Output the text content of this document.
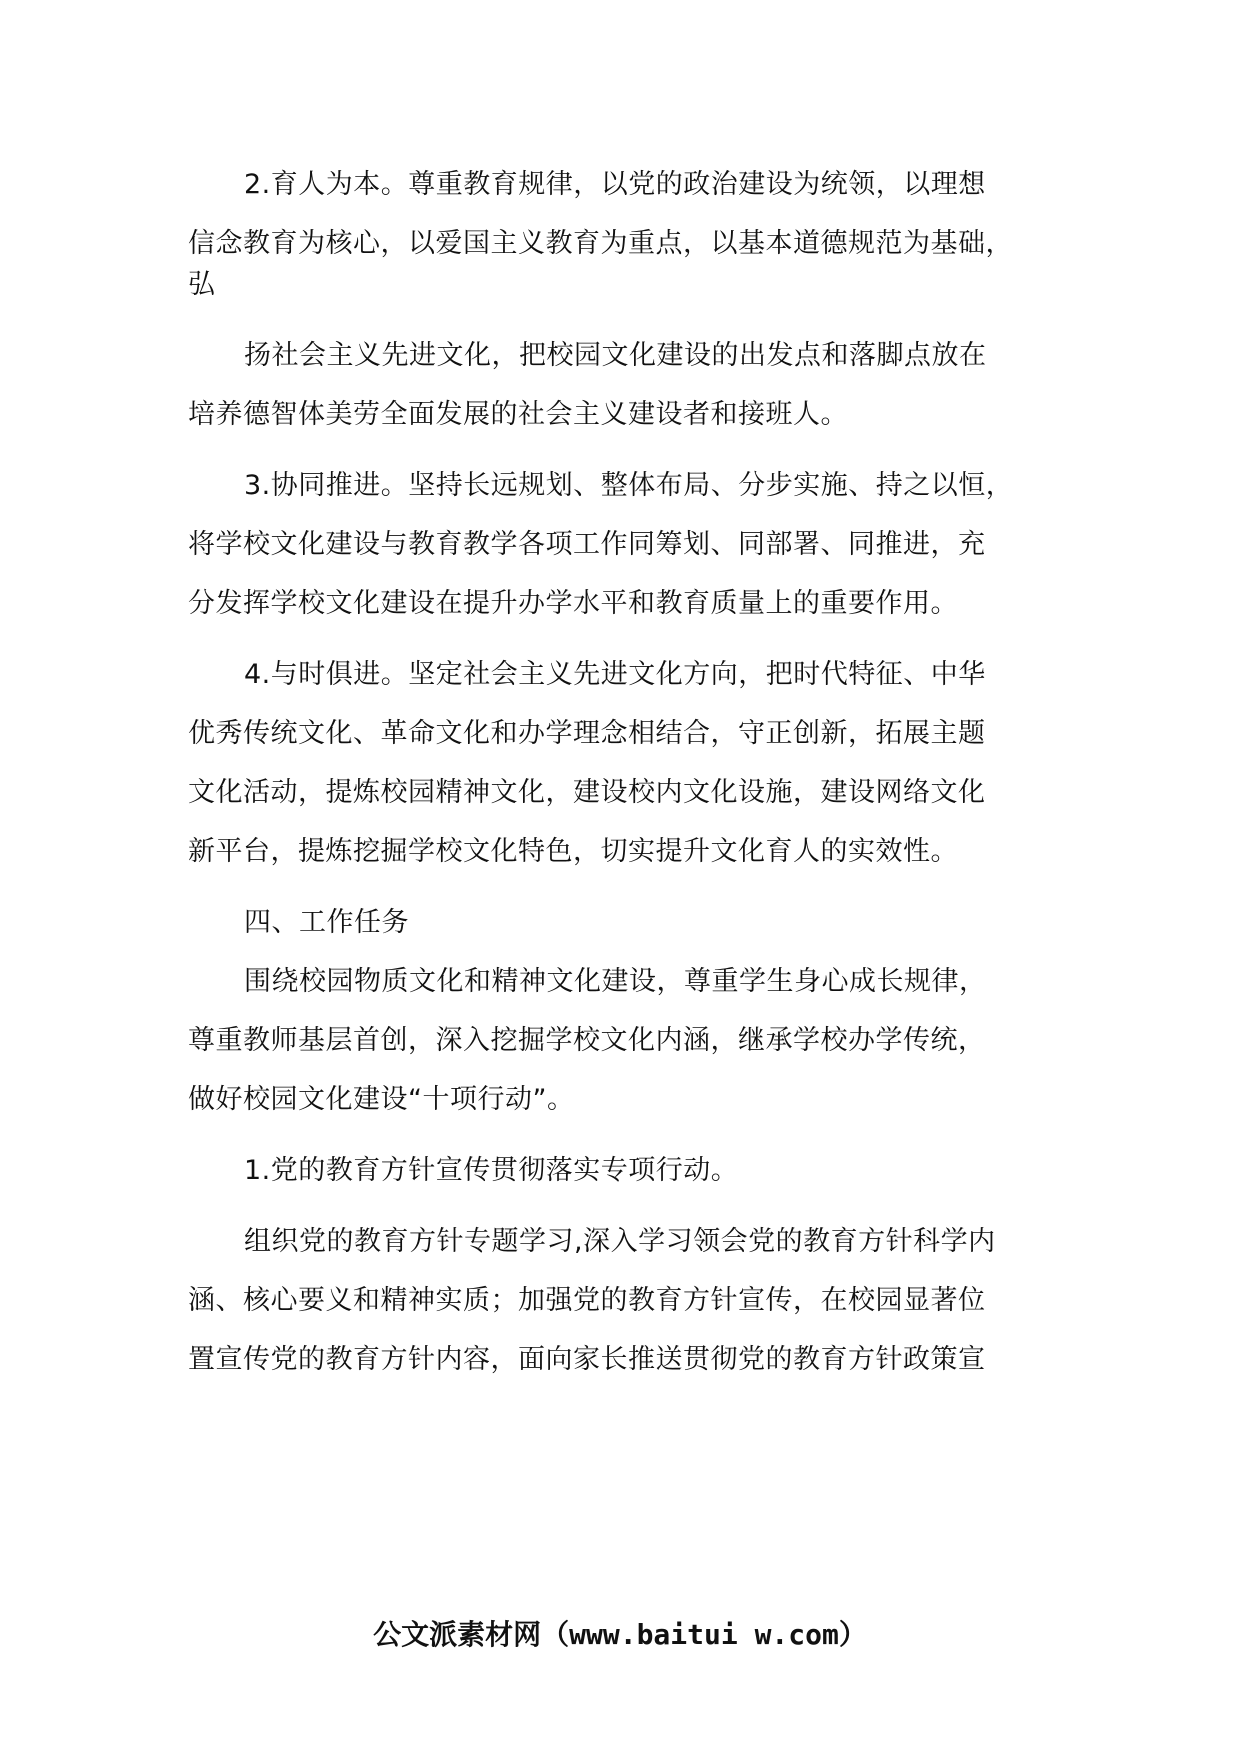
2.育人为本。尊重教育规律，以党的政治建设为统领，以理想
信念教育为核心，以爱国主义教育为重点，以基本道德规范为基础，
弘
扬社会主义先进文化，把校园文化建设的出发点和落脚点放在
培养德智体美劳全面发展的社会主义建设者和接班人。
3.协同推进。坚持长远规划、整体布局、分步实施、持之以恒，
将学校文化建设与教育教学各项工作同筹划、同部署、同推进，充
分发挥学校文化建设在提升办学水平和教育质量上的重要作用。
4.与时俱进。坚定社会主义先进文化方向，把时代特征、中华
优秀传统文化、革命文化和办学理念相结合，守正创新，拓展主题
文化活动，提炼校园精神文化，建设校内文化设施，建设网络文化
新平台，提炼挖掘学校文化特色，切实提升文化育人的实效性。
四、工作任务
围绕校园物质文化和精神文化建设，尊重学生身心成长规律，
尊重教师基层首创，深入挖掘学校文化内涵，继承学校办学传统，
做好校园文化建设“十项行动”。
1.党的教育方针宣传贯彻落实专项行动。
组织党的教育方针专题学习,深入学习领会党的教育方针科学内
涵、核心要义和精神实质；加强党的教育方针宣传，在校园显著位
置宣传党的教育方针内容，面向家长推送贯彻党的教育方针政策宣
公文派素材网（www.baitui w.com）
